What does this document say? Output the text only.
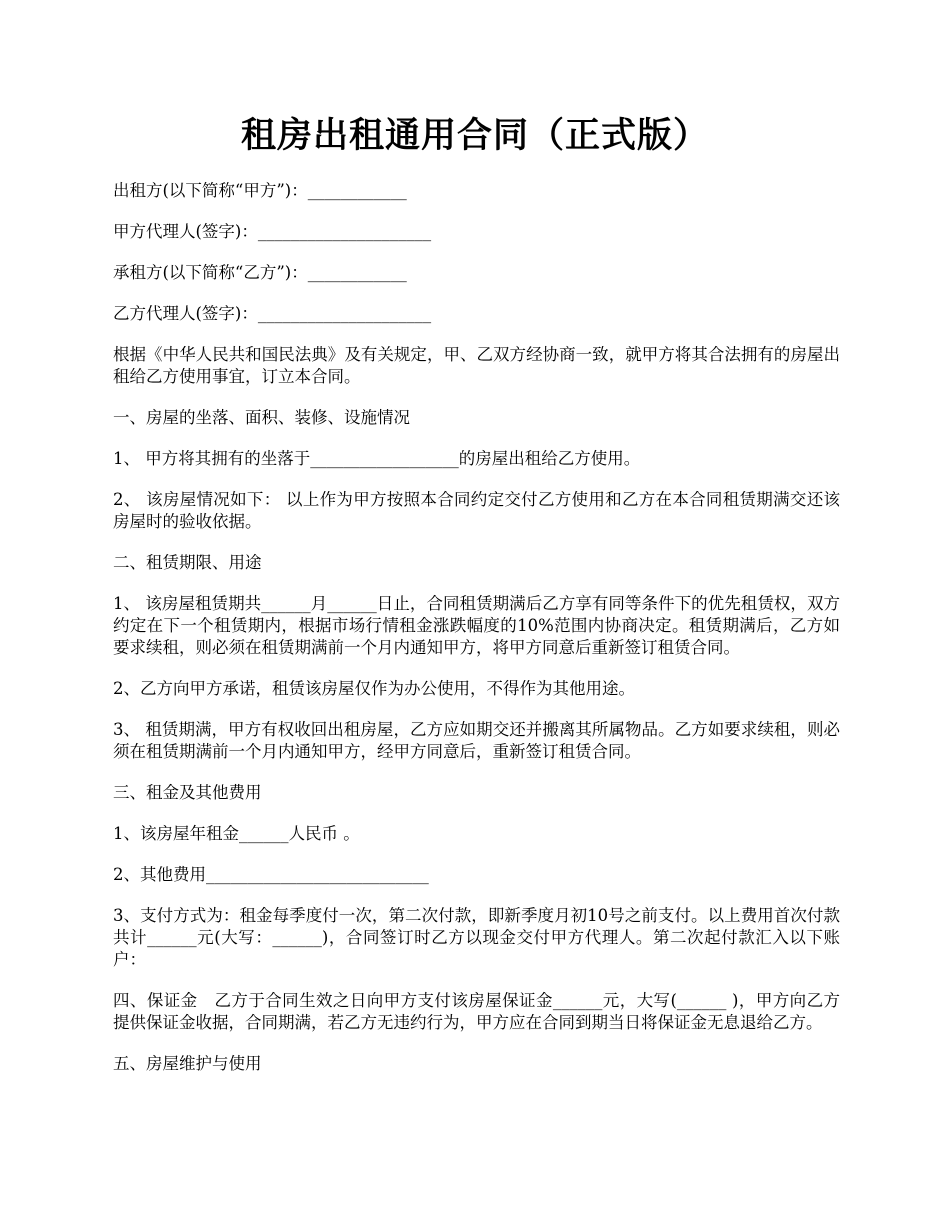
租房出租通用合同（正式版）

出租方(以下简称“甲方”)：____________

甲方代理人(签字)：_____________________

承租方(以下简称“乙方”)：____________

乙方代理人(签字)：_____________________

根据《中华人民共和国民法典》及有关规定，甲、乙双方经协商一致，就甲方将其合法拥有的房屋出租给乙方使用事宜，订立本合同。

一、房屋的坐落、面积、装修、设施情况

1、 甲方将其拥有的坐落于__________________的房屋出租给乙方使用。

2、 该房屋情况如下： 以上作为甲方按照本合同约定交付乙方使用和乙方在本合同租赁期满交还该房屋时的验收依据。

二、租赁期限、用途

1、 该房屋租赁期共______月______日止，合同租赁期满后乙方享有同等条件下的优先租赁权，双方约定在下一个租赁期内，根据市场行情租金涨跌幅度的10%范围内协商决定。租赁期满后，乙方如要求续租，则必须在租赁期满前一个月内通知甲方，将甲方同意后重新签订租赁合同。

2、乙方向甲方承诺，租赁该房屋仅作为办公使用，不得作为其他用途。

3、 租赁期满，甲方有权收回出租房屋，乙方应如期交还并搬离其所属物品。乙方如要求续租，则必须在租赁期满前一个月内通知甲方，经甲方同意后，重新签订租赁合同。

三、租金及其他费用

1、该房屋年租金______人民币 。

2、其他费用___________________________

3、支付方式为：租金每季度付一次，第二次付款，即新季度月初10号之前支付。以上费用首次付款共计______元(大写：______)，合同签订时乙方以现金交付甲方代理人。第二次起付款汇入以下账户：

四、保证金　乙方于合同生效之日向甲方支付该房屋保证金______元，大写(______ )，甲方向乙方提供保证金收据，合同期满，若乙方无违约行为，甲方应在合同到期当日将保证金无息退给乙方。

五、房屋维护与使用
